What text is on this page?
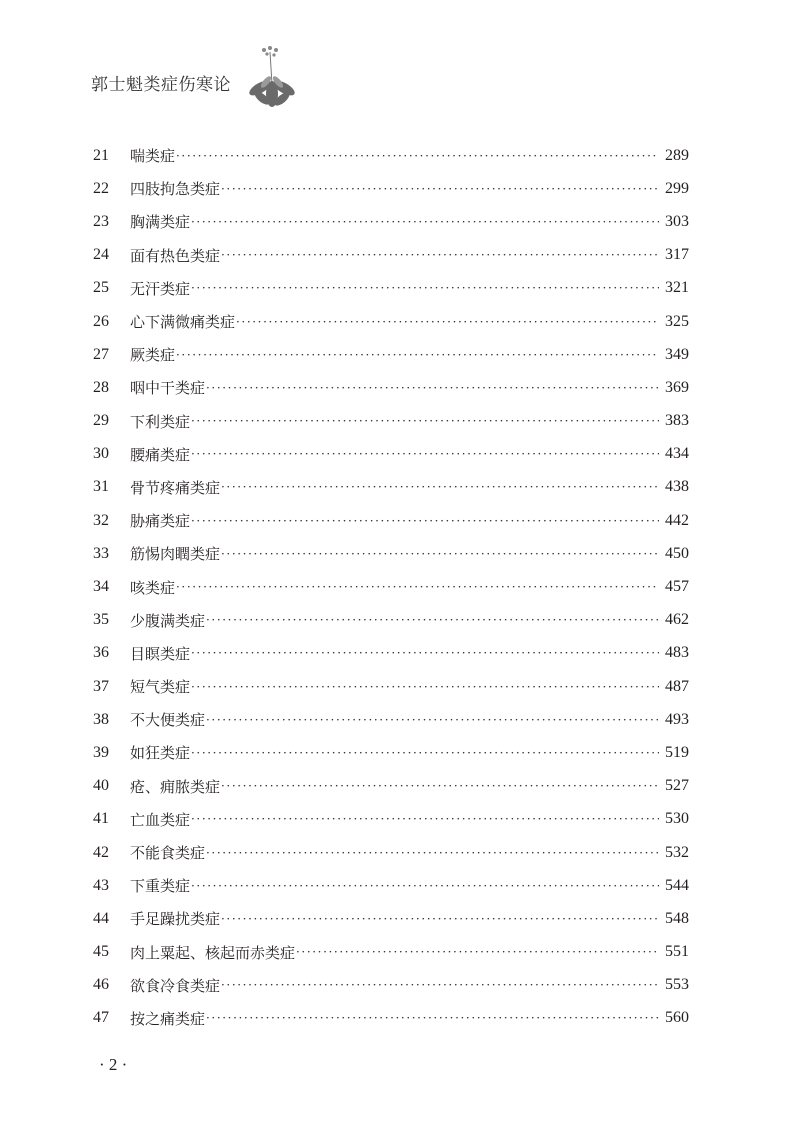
郭士魁类症伤寒论
21	喘类症 ·····	289
22	四肢拘急类症 ·····	299
23	胸满类症 ·····	303
24	面有热色类症 ·····	317
25	无汗类症 ·····	321
26	心下满微痛类症 ·····	325
27	厥类症 ·····	349
28	咽中干类症 ·····	369
29	下利类症 ·····	383
30	腰痛类症 ·····	434
31	骨节疼痛类症 ·····	438
32	胁痛类症 ·····	442
33	筋惕肉瞤类症 ·····	450
34	咳类症 ·····	457
35	少腹满类症 ·····	462
36	目瞑类症 ·····	483
37	短气类症 ·····	487
38	不大便类症 ·····	493
39	如狂类症 ·····	519
40	疮、痈脓类症 ·····	527
41	亡血类症 ·····	530
42	不能食类症 ·····	532
43	下重类症 ·····	544
44	手足躁扰类症 ·····	548
45	肉上粟起、核起而赤类症 ·····	551
46	欲食冷食类症 ·····	553
47	按之痛类症 ·····	560
· 2 ·
